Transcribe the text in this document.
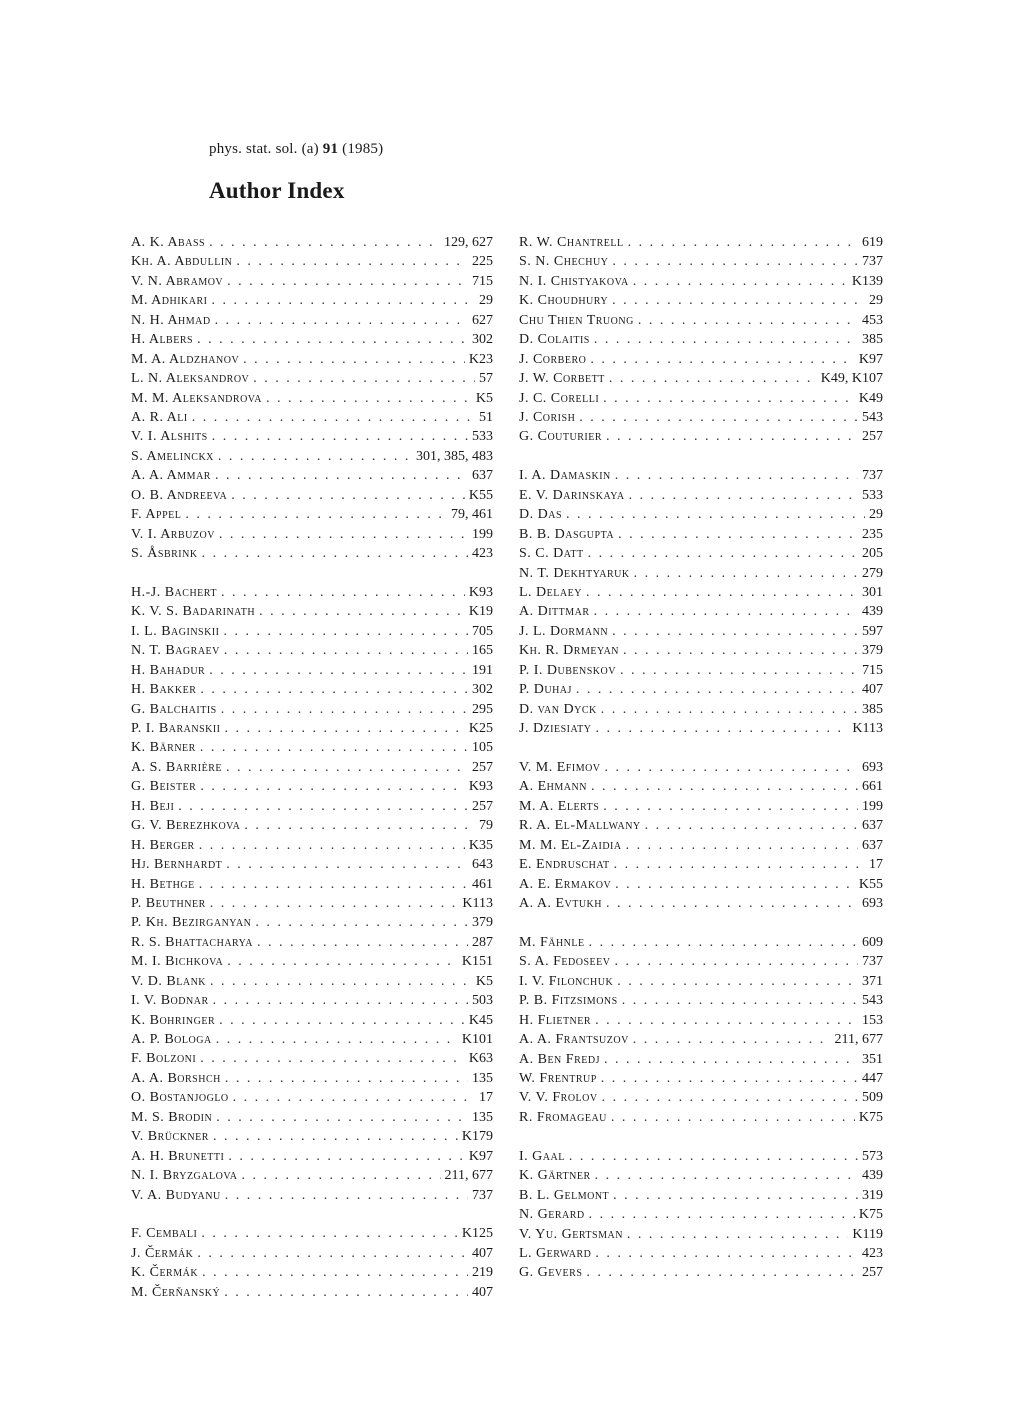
phys. stat. sol. (a) 91 (1985)
Author Index
A. K. Abass . . .	129, 627
Kh. A. Abdullin . . .	225
V. N. Abramov . . .	715
M. Adhikari . . .	29
N. H. Ahmad . . .	627
H. Albers . . .	302
M. A. Aldzhanov . . .	K23
L. N. Aleksandrov . . .	57
M. M. Aleksandrova . . .	K5
A. R. Ali . . .	51
V. I. Alshits . . .	533
S. Amelinckx . . .	301, 385, 483
A. A. Ammar . . .	637
O. B. Andreeva . . .	K55
F. Appel . . .	79, 461
V. I. Arbuzov . . .	199
S. Åsbrink . . .	423
H.-J. Bachert . . .	K93
K. V. S. Badarinath . . .	K19
I. L. Baginskii . . .	705
N. T. Bagraev . . .	165
H. Bahadur . . .	191
H. Bakker . . .	302
G. Balchaitis . . .	295
P. I. Baranskii . . .	K25
K. Bärner . . .	105
A. S. Barrière . . .	257
G. Beister . . .	K93
H. Beji . . .	257
G. V. Berezhkova . . .	79
H. Berger . . .	K35
Hj. Bernhardt . . .	643
H. Bethge . . .	461
P. Beuthner . . .	K113
P. Kh. Bezirganyan . . .	379
R. S. Bhattacharya . . .	287
M. I. Bichkova . . .	K151
V. D. Blank . . .	K5
I. V. Bodnar . . .	503
K. Bohringer . . .	K45
A. P. Bologa . . .	K101
F. Bolzoni . . .	K63
A. A. Borshch . . .	135
O. Bostanjoglo . . .	17
M. S. Brodin . . .	135
V. Brückner . . .	K179
A. H. Brunetti . . .	K97
N. I. Bryzgalova . . .	211, 677
V. A. Budyanu . . .	737
F. Cembali . . .	K125
J. Čermák . . .	407
K. Čermák . . .	219
M. Čerňanský . . .	407
R. W. Chantrell . . .	619
S. N. Chechuy . . .	737
N. I. Chistyakova . . .	K139
K. Choudhury . . .	29
Chu Thien Truong . . .	453
D. Colaitis . . .	385
J. Corbero . . .	K97
J. W. Corbett . . .	K49, K107
J. C. Corelli . . .	K49
J. Corish . . .	543
G. Couturier . . .	257
I. A. Damaskin . . .	737
E. V. Darinskaya . . .	533
D. Das . . .	29
B. B. Dasgupta . . .	235
S. C. Datt . . .	205
N. T. Dekhtyaruk . . .	279
L. Delaey . . .	301
A. Dittmar . . .	439
J. L. Dormann . . .	597
Kh. R. Drmeyan . . .	379
P. I. Dubenskov . . .	715
P. Duhaj . . .	407
D. van Dyck . . .	385
J. Dziesiaty . . .	K113
V. M. Efimov . . .	693
A. Ehmann . . .	661
M. A. Elerts . . .	199
R. A. El-Mallwany . . .	637
M. M. El-Zaidia . . .	637
E. Endruschat . . .	17
A. E. Ermakov . . .	K55
A. A. Evtukh . . .	693
M. Fähnle . . .	609
S. A. Fedoseev . . .	737
I. V. Filonchuk . . .	371
P. B. Fitzsimons . . .	543
H. Flietner . . .	153
A. A. Frantsuzov . . .	211, 677
A. Ben Fredj . . .	351
W. Frentrup . . .	447
V. V. Frolov . . .	509
R. Fromageau . . .	K75
I. Gaal . . .	573
K. Gärtner . . .	439
B. L. Gelmont . . .	319
N. Gerard . . .	K75
V. Yu. Gertsman . . .	K119
L. Gerward . . .	423
G. Gevers . . .	257
